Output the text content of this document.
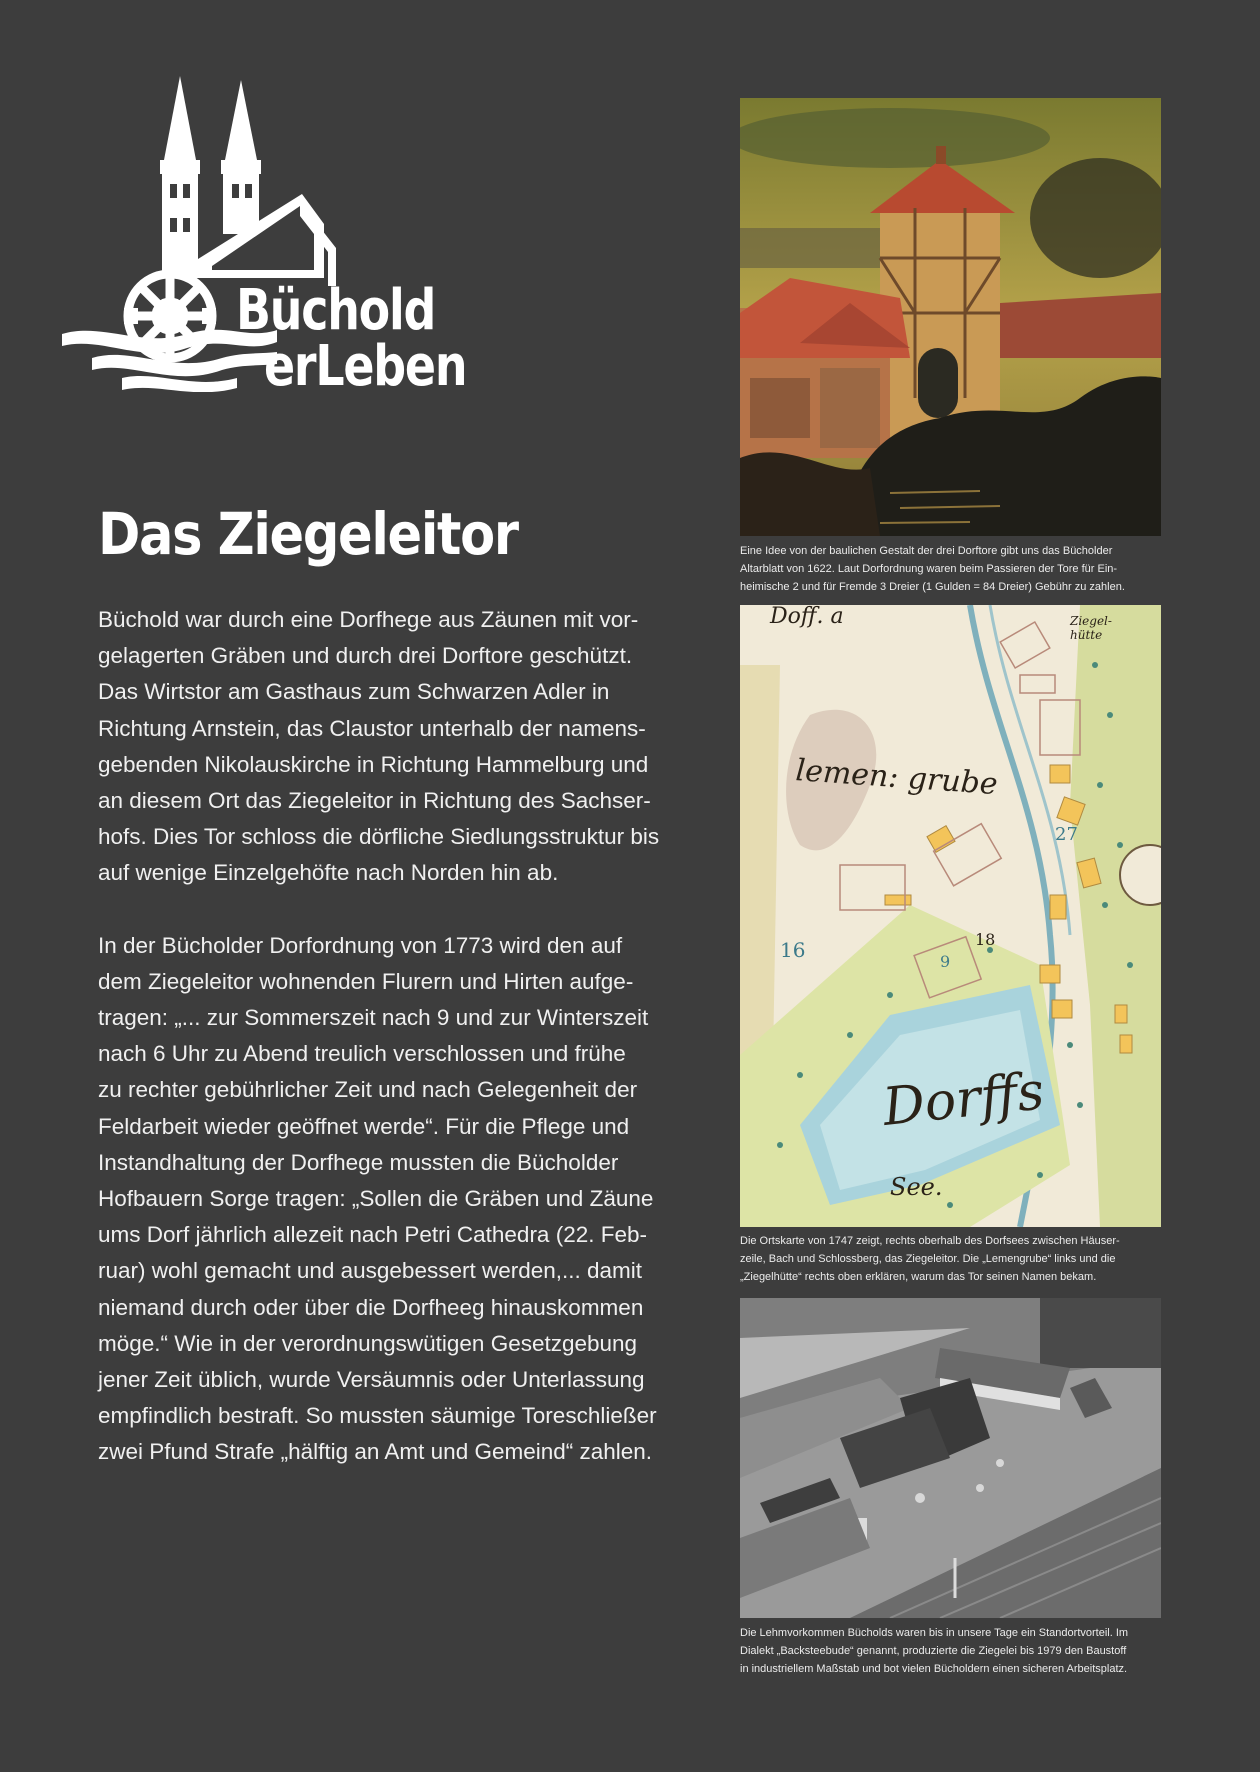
Büchold
erLeben
Das Ziegeleitor

Büchold war durch eine Dorfhege aus Zäunen mit vor-
gelagerten Gräben und durch drei Dorftore geschützt.
Das Wirtstor am Gasthaus zum Schwarzen Adler in
Richtung Arnstein, das Claustor unterhalb der namens-
gebenden Nikolauskirche in Richtung Hammelburg und
an diesem Ort das Ziegeleitor in Richtung des Sachser-
hofs. Dies Tor schloss die dörfliche Siedlungsstruktur bis
auf wenige Einzelgehöfte nach Norden hin ab.

In der Bücholder Dorfordnung von 1773 wird den auf
dem Ziegeleitor wohnenden Flurern und Hirten aufge-
tragen: „... zur Sommerszeit nach 9 und zur Winterszeit
nach 6 Uhr zu Abend treulich verschlossen und frühe
zu rechter gebührlicher Zeit und nach Gelegenheit der
Feldarbeit wieder geöffnet werde“. Für die Pflege und
Instandhaltung der Dorfhege mussten die Bücholder
Hofbauern Sorge tragen: „Sollen die Gräben und Zäune
ums Dorf jährlich allezeit nach Petri Cathedra (22. Feb-
ruar) wohl gemacht und ausgebessert werden,... damit
niemand durch oder über die Dorfheeg hinauskommen
möge.“ Wie in der verordnungswütigen Gesetzgebung
jener Zeit üblich, wurde Versäumnis oder Unterlassung
empfindlich bestraft. So mussten säumige Toreschließer
zwei Pfund Strafe „hälftig an Amt und Gemeind“ zahlen.

Eine Idee von der baulichen Gestalt der drei Dorftore gibt uns das Bücholder
Altarblatt von 1622. Laut Dorfordnung waren beim Passieren der Tore für Ein-
heimische 2 und für Fremde 3 Dreier (1 Gulden = 84 Dreier) Gebühr zu zahlen.

Doff. a	Ziegel-hütte
lemen: grube
16
27
18
9
Dorffs
See.

Die Ortskarte von 1747 zeigt, rechts oberhalb des Dorfsees zwischen Häuser-
zeile, Bach und Schlossberg, das Ziegeleitor. Die „Lemengrube“ links und die
„Ziegelhütte“ rechts oben erklären, warum das Tor seinen Namen bekam.

Die Lehmvorkommen Bücholds waren bis in unsere Tage ein Standortvorteil. Im
Dialekt „Backsteebude“ genannt, produzierte die Ziegelei bis 1979 den Baustoff
in industriellem Maßstab und bot vielen Bücholdern einen sicheren Arbeitsplatz.
